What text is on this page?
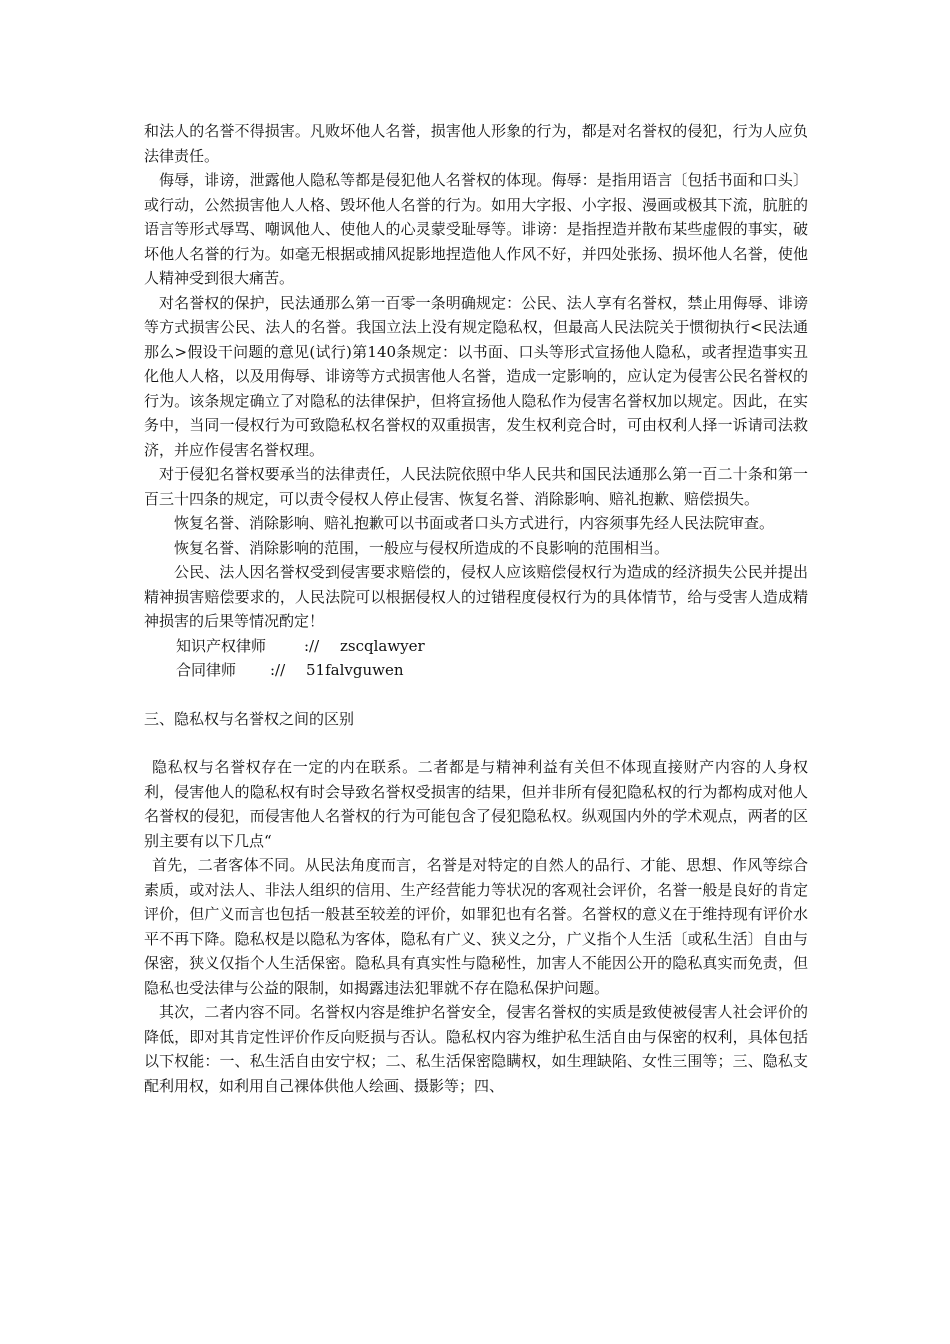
和法人的名誉不得损害。凡败坏他人名誉，损害他人形象的行为，都是对名誉权的侵犯，行为人应负法律责任。

侮辱，诽谤，泄露他人隐私等都是侵犯他人名誉权的体现。侮辱：是指用语言〔包括书面和口头〕或行动，公然损害他人人格、毁坏他人名誉的行为。如用大字报、小字报、漫画或极其下流，肮脏的语言等形式辱骂、嘲讽他人、使他人的心灵蒙受耻辱等。诽谤：是指捏造并散布某些虚假的事实，破坏他人名誉的行为。如毫无根据或捕风捉影地捏造他人作风不好，并四处张扬、损坏他人名誉，使他人精神受到很大痛苦。

对名誉权的保护，民法通那么第一百零一条明确规定：公民、法人享有名誉权，禁止用侮辱、诽谤等方式损害公民、法人的名誉。我国立法上没有规定隐私权，但最高人民法院关于惯彻执行<民法通那么>假设干问题的意见(试行)第140条规定：以书面、口头等形式宣扬他人隐私，或者捏造事实丑化他人人格，以及用侮辱、诽谤等方式损害他人名誉，造成一定影响的，应认定为侵害公民名誉权的行为。该条规定确立了对隐私的法律保护，但将宣扬他人隐私作为侵害名誉权加以规定。因此，在实务中，当同一侵权行为可致隐私权名誉权的双重损害，发生权利竞合时，可由权利人择一诉请司法救济，并应作侵害名誉权理。

对于侵犯名誉权要承当的法律责任，人民法院依照中华人民共和国民法通那么第一百二十条和第一百三十四条的规定，可以责令侵权人停止侵害、恢复名誉、消除影响、赔礼抱歉、赔偿损失。

恢复名誉、消除影响、赔礼抱歉可以书面或者口头方式进行，内容须事先经人民法院审查。

恢复名誉、消除影响的范围，一般应与侵权所造成的不良影响的范围相当。

公民、法人因名誉权受到侵害要求赔偿的，侵权人应该赔偿侵权行为造成的经济损失公民并提出精神损害赔偿要求的，人民法院可以根据侵权人的过错程度侵权行为的具体情节，给与受害人造成精神损害的后果等情况酌定！

知识产权律师	:// zscqlawyer

合同律师 :// 51falvguwen

三、隐私权与名誉权之间的区别

隐私权与名誉权存在一定的内在联系。二者都是与精神利益有关但不体现直接财产内容的人身权利，侵害他人的隐私权有时会导致名誉权受损害的结果，但并非所有侵犯隐私权的行为都构成对他人名誉权的侵犯，而侵害他人名誉权的行为可能包含了侵犯隐私权。纵观国内外的学术观点，两者的区别主要有以下几点“

首先，二者客体不同。从民法角度而言，名誉是对特定的自然人的品行、才能、思想、作风等综合素质，或对法人、非法人组织的信用、生产经营能力等状况的客观社会评价，名誉一般是良好的肯定评价，但广义而言也包括一般甚至较差的评价，如罪犯也有名誉。名誉权的意义在于维持现有评价水平不再下降。隐私权是以隐私为客体，隐私有广义、狭义之分，广义指个人生活〔或私生活〕自由与保密，狭义仅指个人生活保密。隐私具有真实性与隐秘性，加害人不能因公开的隐私真实而免责，但隐私也受法律与公益的限制，如揭露违法犯罪就不存在隐私保护问题。

其次，二者内容不同。名誉权内容是维护名誉安全，侵害名誉权的实质是致使被侵害人社会评价的降低，即对其肯定性评价作反向贬损与否认。隐私权内容为维护私生活自由与保密的权利，具体包括以下权能：一、私生活自由安宁权；二、私生活保密隐瞒权，如生理缺陷、女性三围等；三、隐私支配利用权，如利用自己裸体供他人绘画、摄影等；四、
